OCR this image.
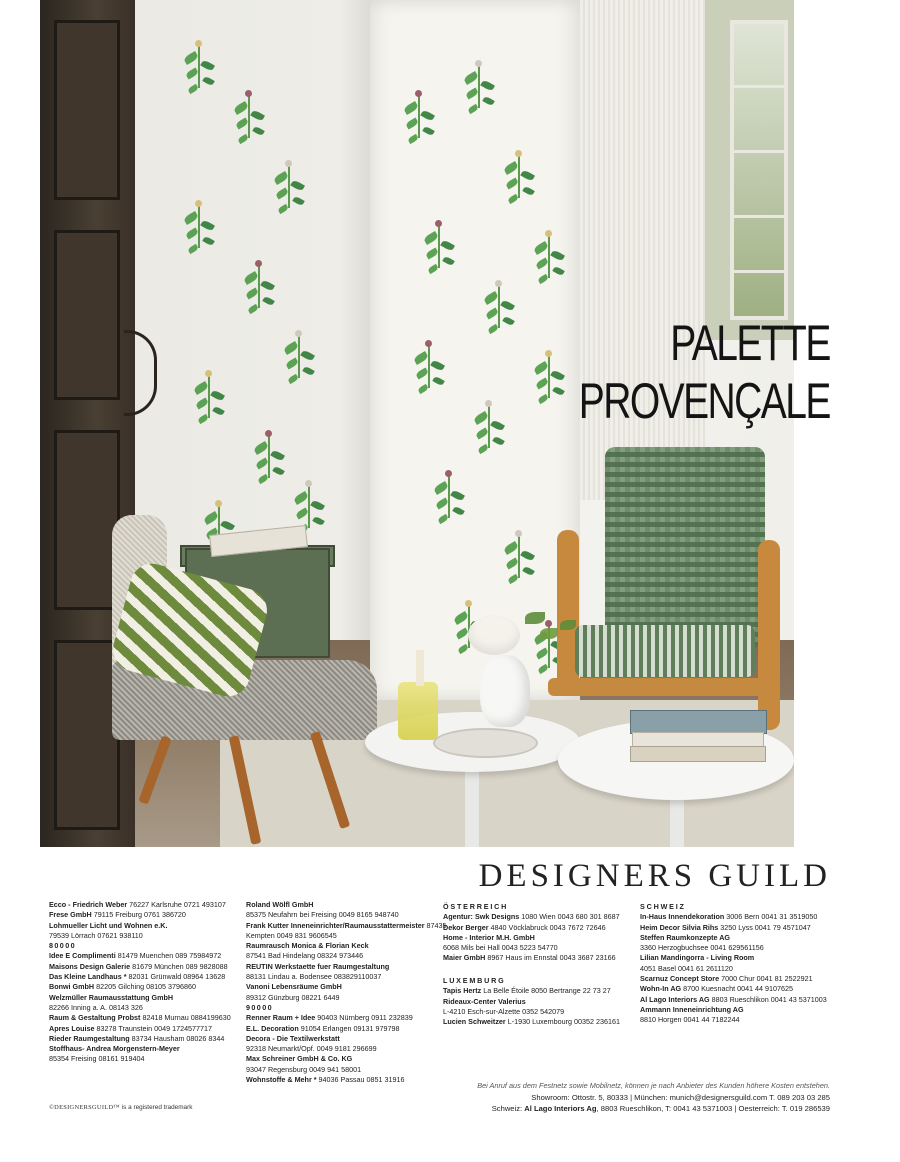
PALETTE
PROVENÇALE
DESIGNERS GUILD
Ecco - Friedrich Weber 76227 Karlsruhe 0721 493107
Frese GmbH 79115 Freiburg 0761 386720
Lohmueller Licht und Wohnen e.K.
79539 Lörrach 07621 938110
80000
Idee E Complimenti 81479 Muenchen 089 75984972
Maisons Design Galerie 81679 München 089 9828088
Das Kleine Landhaus * 82031 Grünwald 08964 13628
Bonwi GmbH 82205 Gilching 08105 3796860
Welzmüller Raumausstattung GmbH
82266 Inning a. A. 08143 326
Raum & Gestaltung Probst 82418 Murnau 0884199630
Apres Louise 83278 Traunstein 0049 1724577717
Rieder Raumgestaltung 83734 Hausham 08026 8344
Stoffhaus- Andrea Morgenstern-Meyer
85354 Freising 08161 919404
Roland Wölfl GmbH
85375 Neufahrn bei Freising 0049 8165 948740
Frank Kutter Inneneinrichter/Raumausstattermeister 87435
Kempten 0049 831 9606545
Raumrausch Monica & Florian Keck
87541 Bad Hindelang 08324 973446
REUTIN Werkstaette fuer Raumgestaltung
88131 Lindau a. Bodensee 083829110037
Vanoni Lebensräume GmbH
89312 Günzburg 08221 6449
90000
Renner Raum + Idee 90403 Nürnberg 0911 232839
E.L. Decoration 91054 Erlangen 09131 979798
Decora - Die Textilwerkstatt
92318 Neumarkt/Opf. 0049 9181 296699
Max Schreiner GmbH & Co. KG
93047 Regensburg 0049 941 58001
Wohnstoffe & Mehr * 94036 Passau 0851 31916
ÖSTERREICH
Agentur: Swk Designs 1080 Wien 0043 680 301 8687
Dekor Berger 4840 Vöcklabruck 0043 7672 72646
Home - Interior M.H. GmbH
6068 Mils bei Hall 0043 5223 54770
Maier GmbH 8967 Haus im Ennstal 0043 3687 23166

LUXEMBURG
Tapis Hertz La Belle Étoile 8050 Bertrange 22 73 27
Rideaux-Center Valerius
L-4210 Esch-sur-Alzette 0352 542079
Lucien Schweitzer L-1930 Luxembourg 00352 236161
SCHWEIZ
In-Haus Innendekoration 3006 Bern 0041 31 3519050
Heim Decor Silvia Rihs 3250 Lyss 0041 79 4571047
Steffen Raumkonzepte AG
3360 Herzogbuchsee 0041 629561156
Lilian Mandingorra - Living Room
4051 Basel 0041 61 2611120
Scarnuz Concept Store 7000 Chur 0041 81 2522921
Wohn-In AG 8700 Kuesnacht 0041 44 9107625
Al Lago Interiors AG 8803 Rueschlikon 0041 43 5371003
Ammann Inneneinrichtung AG
8810 Horgen 0041 44 7182244
Bei Anruf aus dem Festnetz sowie Mobilnetz, können je nach Anbieter des Kunden höhere Kosten entstehen.
Showroom: Ottostr. 5, 80333 | München: munich@designersguild.com T. 089 203 03 285
Schweiz: Al Lago Interiors Ag, 8803 Rueschlikon, T: 0041 43 5371003 | Oesterreich: T. 019 286539
©DESIGNERSGUILD™ is a registered trademark
